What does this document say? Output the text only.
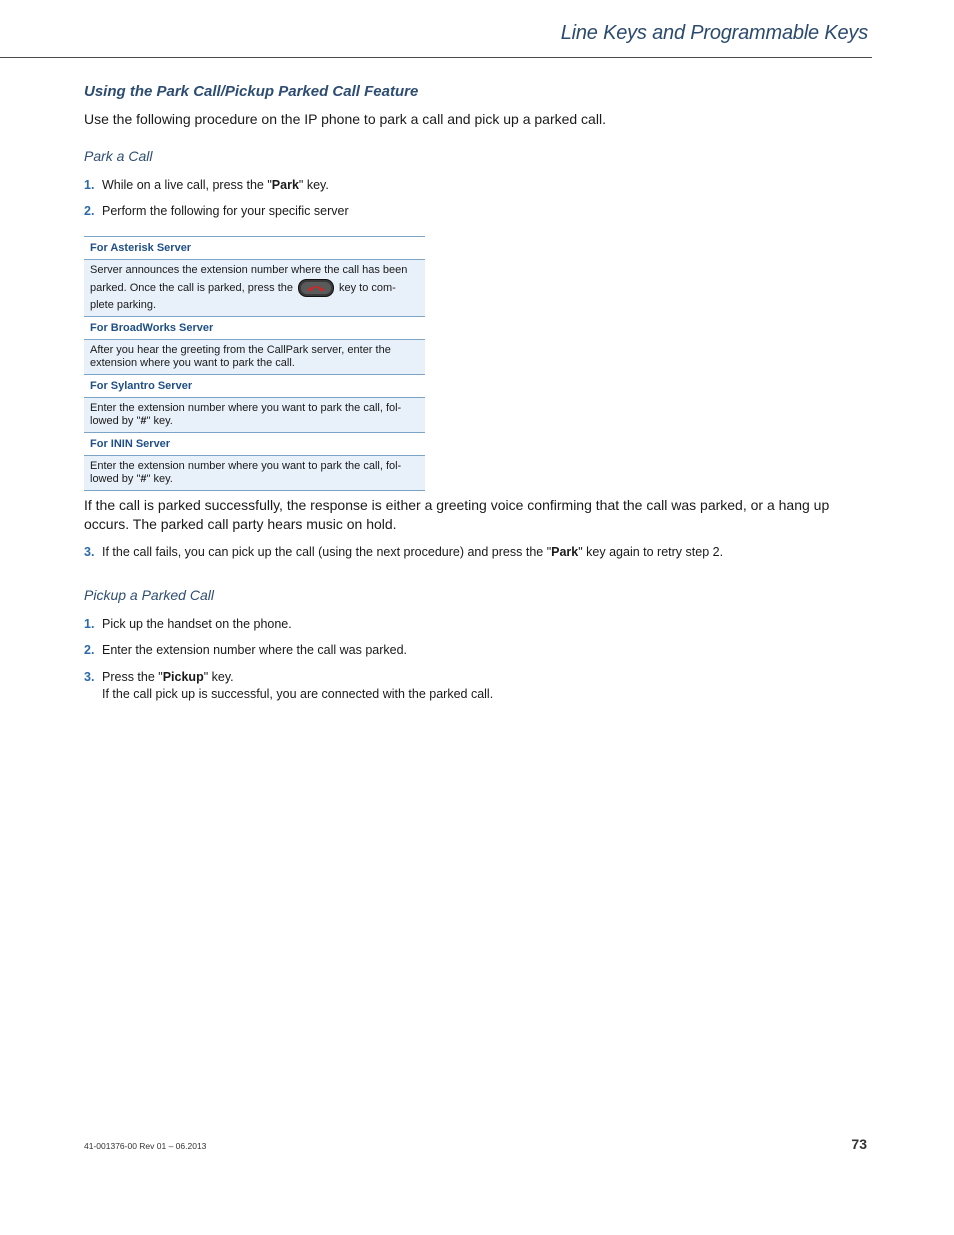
Line Keys and Programmable Keys
Using the Park Call/Pickup Parked Call Feature
Use the following procedure on the IP phone to park a call and pick up a parked call.
Park a Call
1. While on a live call, press the "Park" key.
2. Perform the following for your specific server
For Asterisk Server
Server announces the extension number where the call has been
parked. Once the call is parked, press the	key to com-
plete parking.
For BroadWorks Server
After you hear the greeting from the CallPark server, enter the
extension where you want to park the call.
For Sylantro Server
Enter the extension number where you want to park the call, fol-
lowed by "#" key.
For ININ Server
Enter the extension number where you want to park the call, fol-
lowed by "#" key.
If the call is parked successfully, the response is either a greeting voice confirming that the call was parked, or a hang up occurs. The parked call party hears music on hold.
3. If the call fails, you can pick up the call (using the next procedure) and press the "Park" key again to retry step 2.
Pickup a Parked Call
1. Pick up the handset on the phone.
2. Enter the extension number where the call was parked.
3. Press the "Pickup" key.
If the call pick up is successful, you are connected with the parked call.
41-001376-00 Rev 01 – 06.2013	73
